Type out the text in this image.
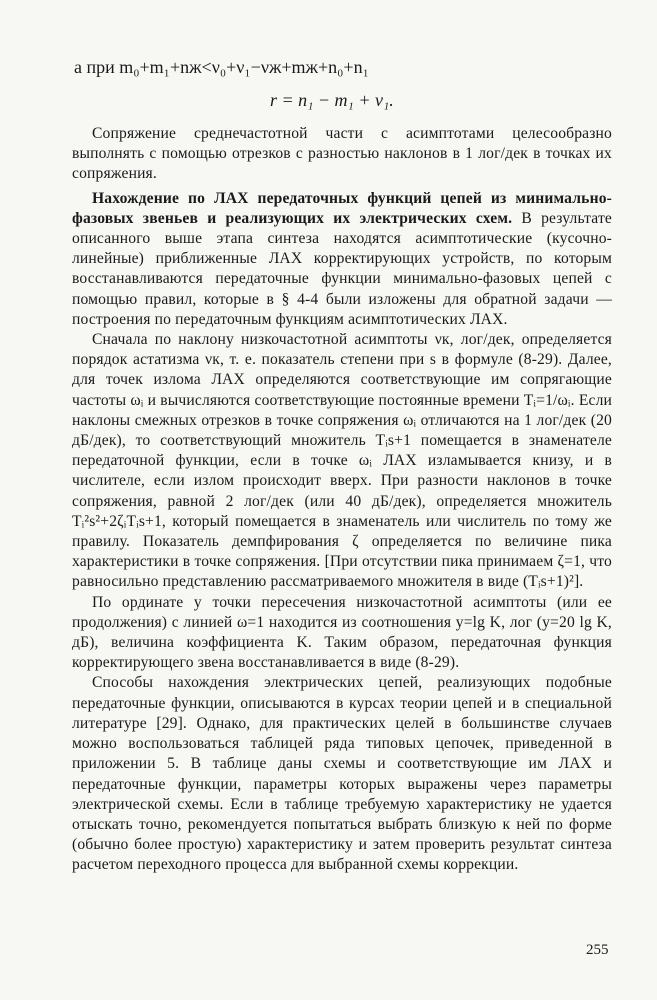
а при m₀+m₁+nж<ν₀+ν₁−νж+mж+n₀+n₁
r = n₁ − m₁ + ν₁.

Сопряжение среднечастотной части с асимптотами целесообразно выполнять с помощью отрезков с разностью наклонов в 1 лог/дек в точках их сопряжения.

Нахождение по ЛАХ передаточных функций цепей из минимально-фазовых звеньев и реализующих их электрических схем. В результате описанного выше этапа синтеза находятся асимптотические (кусочно-линейные) приближенные ЛАХ корректирующих устройств, по которым восстанавливаются передаточные функции минимально-фазовых цепей с помощью правил, которые в § 4-4 были изложены для обратной задачи — построения по передаточным функциям асимптотических ЛАХ.

Сначала по наклону низкочастотной асимптоты νк, лог/дек, определяется порядок астатизма νк, т. е. показатель степени при s в формуле (8-29). Далее, для точек излома ЛАХ определяются соответствующие им сопрягающие частоты ωᵢ и вычисляются соответствующие постоянные времени Tᵢ=1/ωᵢ. Если наклоны смежных отрезков в точке сопряжения ωᵢ отличаются на 1 лог/дек (20 дБ/дек), то соответствующий множитель Tᵢs+1 помещается в знаменателе передаточной функции, если в точке ωᵢ ЛАХ изламывается книзу, и в числителе, если излом происходит вверх. При разности наклонов в точке сопряжения, равной 2 лог/дек (или 40 дБ/дек), определяется множитель Tᵢ²s²+2ζᵢTᵢs+1, который помещается в знаменатель или числитель по тому же правилу. Показатель демпфирования ζ определяется по величине пика характеристики в точке сопряжения. [При отсутствии пика принимаем ζ=1, что равносильно представлению рассматриваемого множителя в виде (Tᵢs+1)²].

По ординате y точки пересечения низкочастотной асимптоты (или ее продолжения) с линией ω=1 находится из соотношения y=lg K, лог (y=20 lg K, дБ), величина коэффициента K. Таким образом, передаточная функция корректирующего звена восстанавливается в виде (8-29).

Способы нахождения электрических цепей, реализующих подобные передаточные функции, описываются в курсах теории цепей и в специальной литературе [29]. Однако, для практических целей в большинстве случаев можно воспользоваться таблицей ряда типовых цепочек, приведенной в приложении 5. В таблице даны схемы и соответствующие им ЛАХ и передаточные функции, параметры которых выражены через параметры электрической схемы. Если в таблице требуемую характеристику не удается отыскать точно, рекомендуется попытаться выбрать близкую к ней по форме (обычно более простую) характеристику и затем проверить результат синтеза расчетом переходного процесса для выбранной схемы коррекции.

255
